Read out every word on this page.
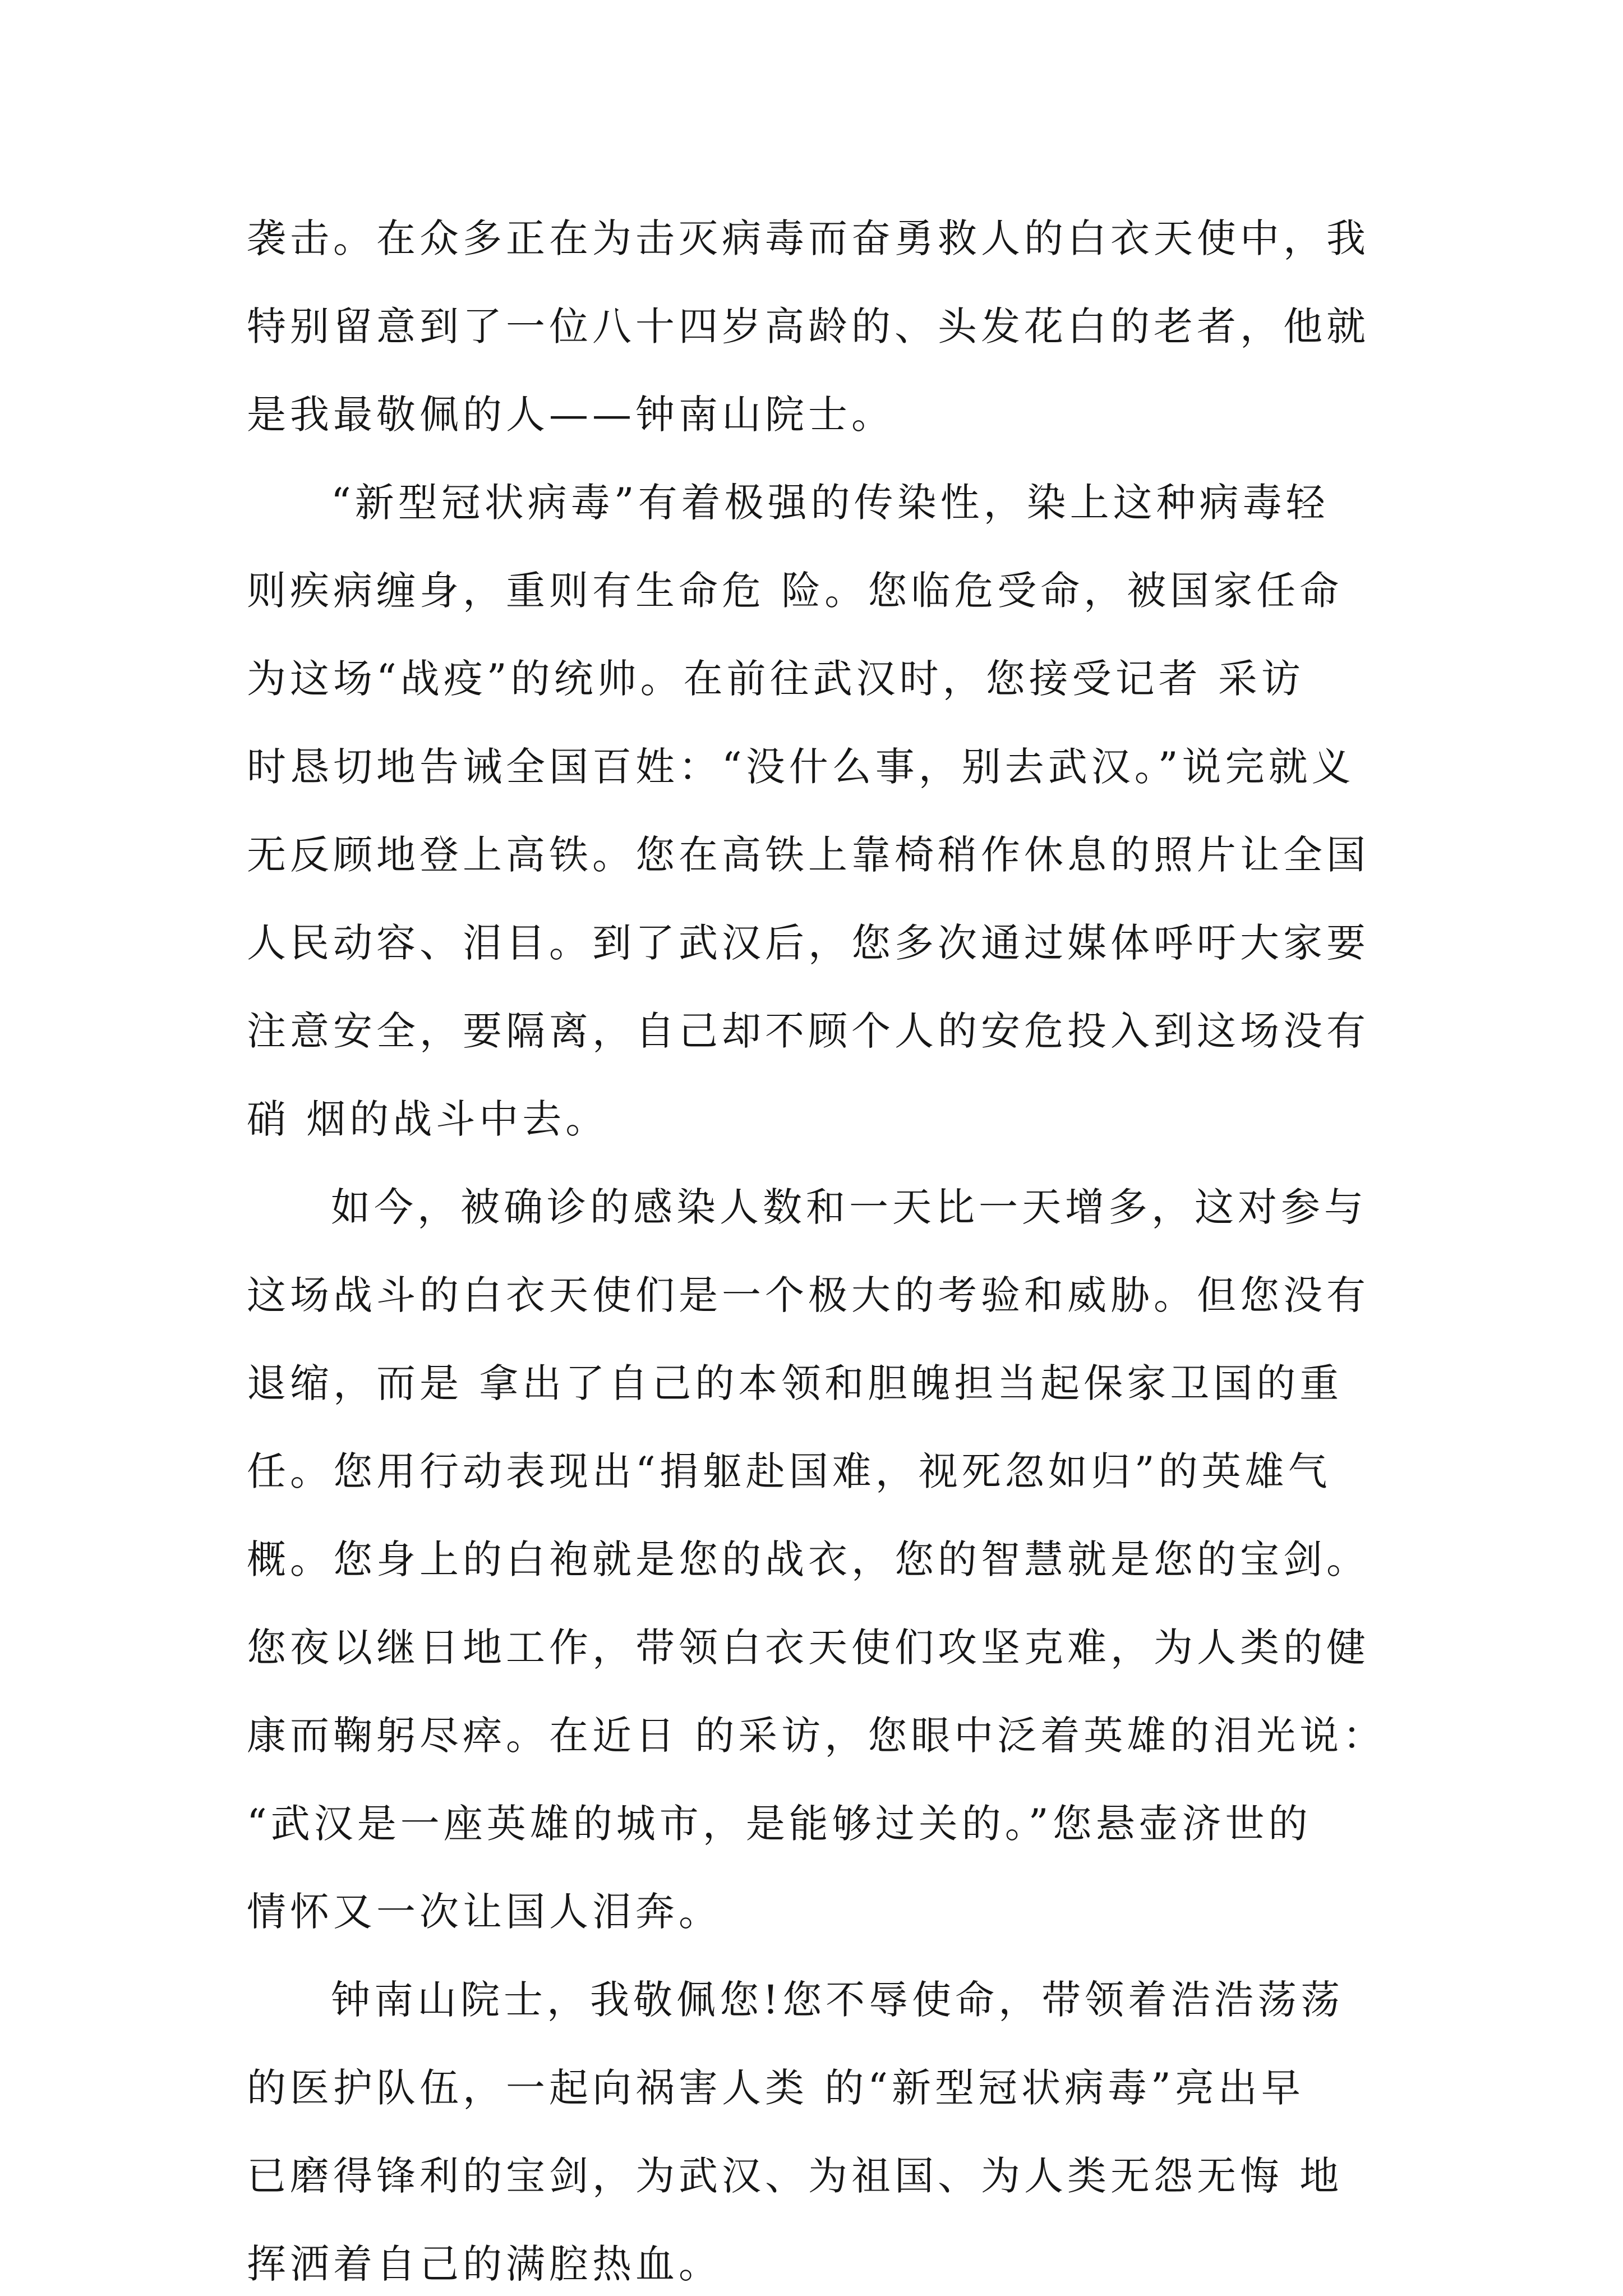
袭击。在众多正在为击灭病毒而奋勇救人的白衣天使中，我
特别留意到了一位八十四岁高龄的、头发花白的老者，他就
是我最敬佩的人——钟南山院士。
“新型冠状病毒”有着极强的传染性，染上这种病毒轻
则疾病缠身，重则有生命危 险。您临危受命，被国家任命
为这场“战疫”的统帅。在前往武汉时，您接受记者 采访
时恳切地告诫全国百姓：“没什么事，别去武汉。”说完就义
无反顾地登上高铁。您在高铁上靠椅稍作休息的照片让全国
人民动容、泪目。到了武汉后，您多次通过媒体呼吁大家要
注意安全，要隔离，自己却不顾个人的安危投入到这场没有
硝 烟的战斗中去。
如今，被确诊的感染人数和一天比一天增多，这对参与
这场战斗的白衣天使们是一个极大的考验和威胁。但您没有
退缩，而是 拿出了自己的本领和胆魄担当起保家卫国的重
任。您用行动表现出“捐躯赴国难，视死忽如归”的英雄气
概。您身上的白袍就是您的战衣，您的智慧就是您的宝剑。
您夜以继日地工作，带领白衣天使们攻坚克难，为人类的健
康而鞠躬尽瘁。在近日 的采访，您眼中泛着英雄的泪光说：
“武汉是一座英雄的城市，是能够过关的。”您悬壶济世的
情怀又一次让国人泪奔。
钟南山院士，我敬佩您!您不辱使命，带领着浩浩荡荡
的医护队伍，一起向祸害人类 的“新型冠状病毒”亮出早
已磨得锋利的宝剑，为武汉、为祖国、为人类无怨无悔 地
挥洒着自己的满腔热血。
